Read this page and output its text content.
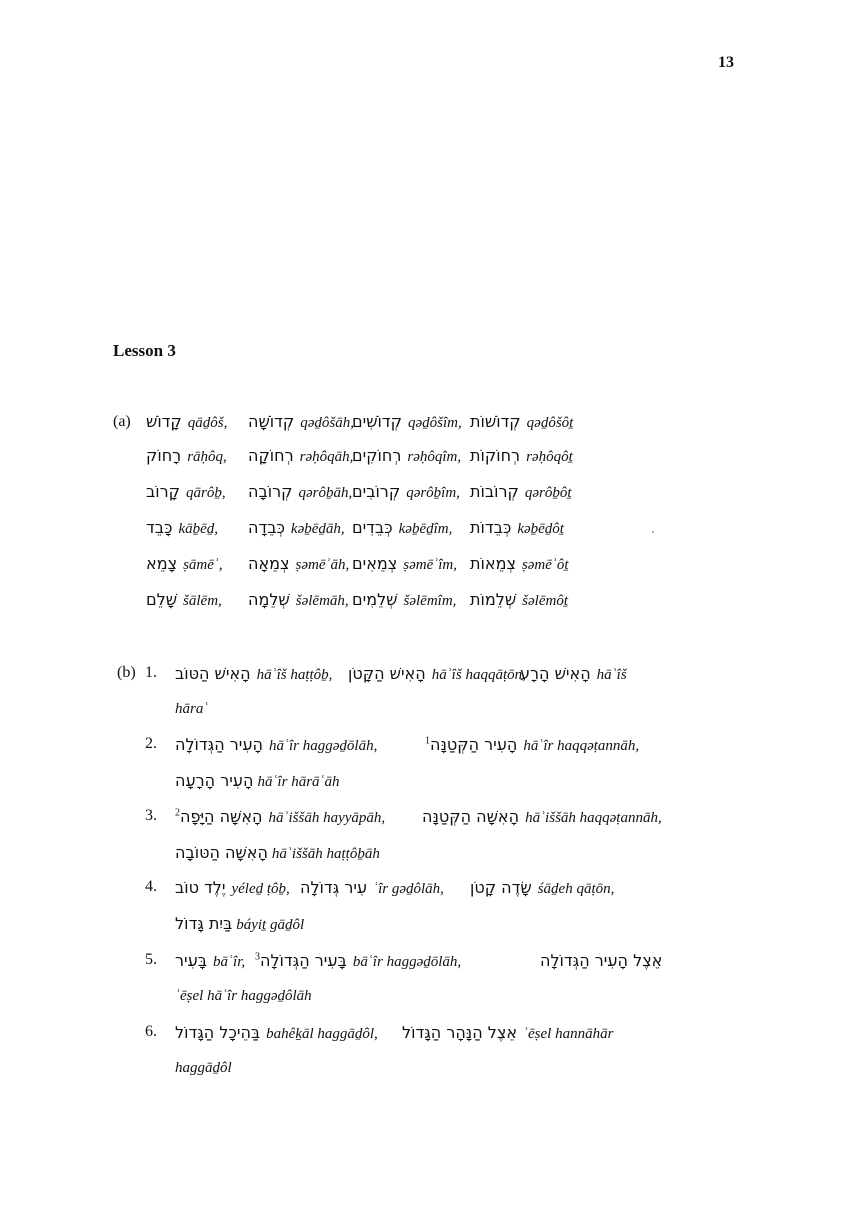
13
Lesson 3
(a) קָדוֹשׁ qāḏôš, קְדוֹשָׁה qəḏôšāh,
קְדוֹשִׁים qəḏôšîm, קְדוֹשׁוֹת qəḏôšôṯ
רָחוֹק rāḥôq, רְחוֹקָה rəḥôqāh,
רְחוֹקִים rəḥôqîm, רְחוֹקוֹת rəḥôqôṯ
קָרוֹב qārôḇ, קְרוֹבָה qərôḇāh, קְרוֹבִים qərôḇîm, קְרוֹבוֹת qərôḇôṯ
כָּבֵד kāḇēḏ, כְּבֵדָה kəḇēḏāh, כְּבֵדִים kəḇēḏîm, כְּבֵדוֹת kəḇēḏôṯ
צָמֵא ṣāmēʾ, צְמֵאָה ṣəmēʾāh, צְמֵאִים ṣəmēʾîm, צְמֵאוֹת ṣəmēʾôṯ
שָׁלֵם šālēm, שְׁלֵמָה šəlēmāh, שְׁלֵמִים šəlēmîm, שְׁלֵמוֹת šəlēmôṯ
(b) 1. הָאִישׁ הַטּוֹב hāʾîš haṭṭôḇ, הָאִישׁ הַקָּטֹן hāʾîš haqqāṭōn,
הָאִישׁ הָרָע hāʾîš
hāraʿ
2. הָעִיר הַגְּדוֹלָה hāʿîr haggəḏōlāh,	$^1$הָעִיר הַקְּטַנָּה hāʿîr haqqəṭannāh,
הָעִיר הָרָעָה hāʿîr hārāʿāh
3. $^2$הָאִשָּׁה הַיָּפָה hāʾiššāh hayyāpāh, הָאִשָּׁה הַקְּטַנָּה hāʾiššāh haqqəṭannāh,
הָאִשָּׁה הַטּוֹבָה hāʾiššāh haṭṭôḇāh
4. יֶלֶד טוֹב yéleḏ ṭôḇ, עִיר גְּדוֹלָה ʿîr gəḏôlāh, שָׂדֶה קָטֹן śāḏeh qāṭōn,
בַּיִת גָּדוֹל báyiṯ gāḏôl
5. בָּעִיר bāʿîr, $^3$בָּעִיר הַגְּדוֹלָה bāʿîr haggəḏōlāh,	אֵצֶל הָעִיר הַגְּדוֹלָה
ʾēṣel hāʿîr haggəḏôlāh
6. בַּהֵיכָל הַגָּדוֹל bahêḵāl haggāḏôl, אֵצֶל הַנָּהָר הַגָּדוֹל ʾēṣel hannāhār
haggāḏôl
